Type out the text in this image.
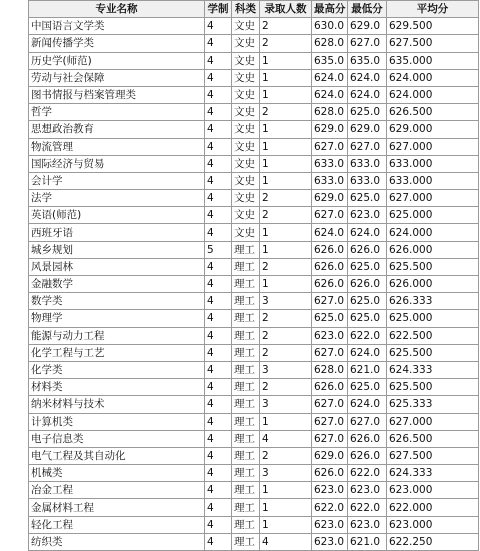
专业名称	学制	科类	录取人数	最高分	最低分	平均分
中国语言文学类	4	文史	2	630.0	629.0	629.500
新闻传播学类	4	文史	2	628.0	627.0	627.500
历史学(师范)	4	文史	1	635.0	635.0	635.000
劳动与社会保障	4	文史	1	624.0	624.0	624.000
图书情报与档案管理类	4	文史	1	624.0	624.0	624.000
哲学	4	文史	2	628.0	625.0	626.500
思想政治教育	4	文史	1	629.0	629.0	629.000
物流管理	4	文史	1	627.0	627.0	627.000
国际经济与贸易	4	文史	1	633.0	633.0	633.000
会计学	4	文史	1	633.0	633.0	633.000
法学	4	文史	2	629.0	625.0	627.000
英语(师范)	4	文史	2	627.0	623.0	625.000
西班牙语	4	文史	1	624.0	624.0	624.000
城乡规划	5	理工	1	626.0	626.0	626.000
风景园林	4	理工	2	626.0	625.0	625.500
金融数学	4	理工	1	626.0	626.0	626.000
数学类	4	理工	3	627.0	625.0	626.333
物理学	4	理工	2	625.0	625.0	625.000
能源与动力工程	4	理工	2	623.0	622.0	622.500
化学工程与工艺	4	理工	2	627.0	624.0	625.500
化学类	4	理工	3	628.0	621.0	624.333
材料类	4	理工	2	626.0	625.0	625.500
纳米材料与技术	4	理工	3	627.0	624.0	625.333
计算机类	4	理工	1	627.0	627.0	627.000
电子信息类	4	理工	4	627.0	626.0	626.500
电气工程及其自动化	4	理工	2	629.0	626.0	627.500
机械类	4	理工	3	626.0	622.0	624.333
冶金工程	4	理工	1	623.0	623.0	623.000
金属材料工程	4	理工	1	622.0	622.0	622.000
轻化工程	4	理工	1	623.0	623.0	623.000
纺织类	4	理工	4	623.0	621.0	622.250
